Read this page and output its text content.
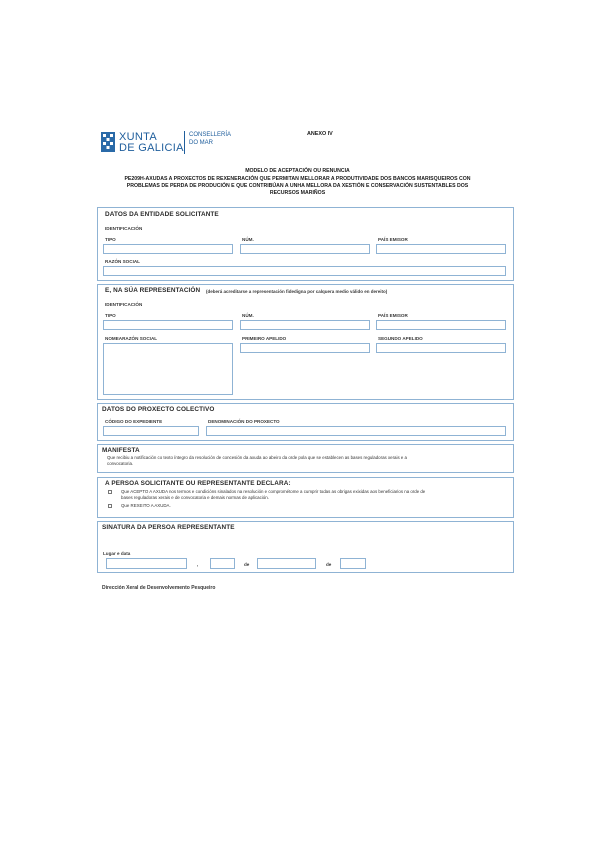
XUNTA
DE GALICIA
CONSELLERÍA
DO MAR
ANEXO IV
MODELO DE ACEPTACIÓN OU RENUNCIA
PE209H-AXUDAS A PROXECTOS DE REXENERACIÓN QUE PERMITAN MELLORAR A PRODUTIVIDADE DOS BANCOS MARISQUEIROS CON
PROBLEMAS DE PERDA DE PRODUCIÓN E QUE CONTRIBÚAN A UNHA MELLORA DA XESTIÓN E CONSERVACIÓN SUSTENTABLES DOS
RECURSOS MARIÑOS
DATOS DA ENTIDADE SOLICITANTE
IDENTIFICACIÓN
TIPO	NÚM.	PAÍS EMISOR
RAZÓN SOCIAL
E, NA SÚA REPRESENTACIÓN (deberá acreditarse a representación fidedigna por calquera medio válido en dereito)
IDENTIFICACIÓN
TIPO	NÚM.	PAÍS EMISOR
NOMEARAZÓN SOCIAL	PRIMEIRO APELIDO	SEGUNDO APELIDO
DATOS DO PROXECTO COLECTIVO
CÓDIGO DO EXPEDIENTE	DENOMINACIÓN DO PROXECTO
MANIFESTA
Que recibiu a notificación co texto íntegro da resolución de concesión da axuda ao abeiro da orde pola que se establecen as bases reguladoras xerais e a
convocatoria.
A PERSOA SOLICITANTE OU REPRESENTANTE DECLARA:
Que ACEPTO A AXUDA nos termos e condicións sinalados na resolución e comprométome a cumprir todas as obrigas exixidas aos beneficiarios na orde de
bases reguladoras xerais e de convocatoria e demais normas de aplicación.
Que REXEITO A AXUDA.
SINATURA DA PERSOA REPRESENTANTE
Lugar e data
,	de	de
Dirección Xeral de Desenvolvemento Pesqueiro
